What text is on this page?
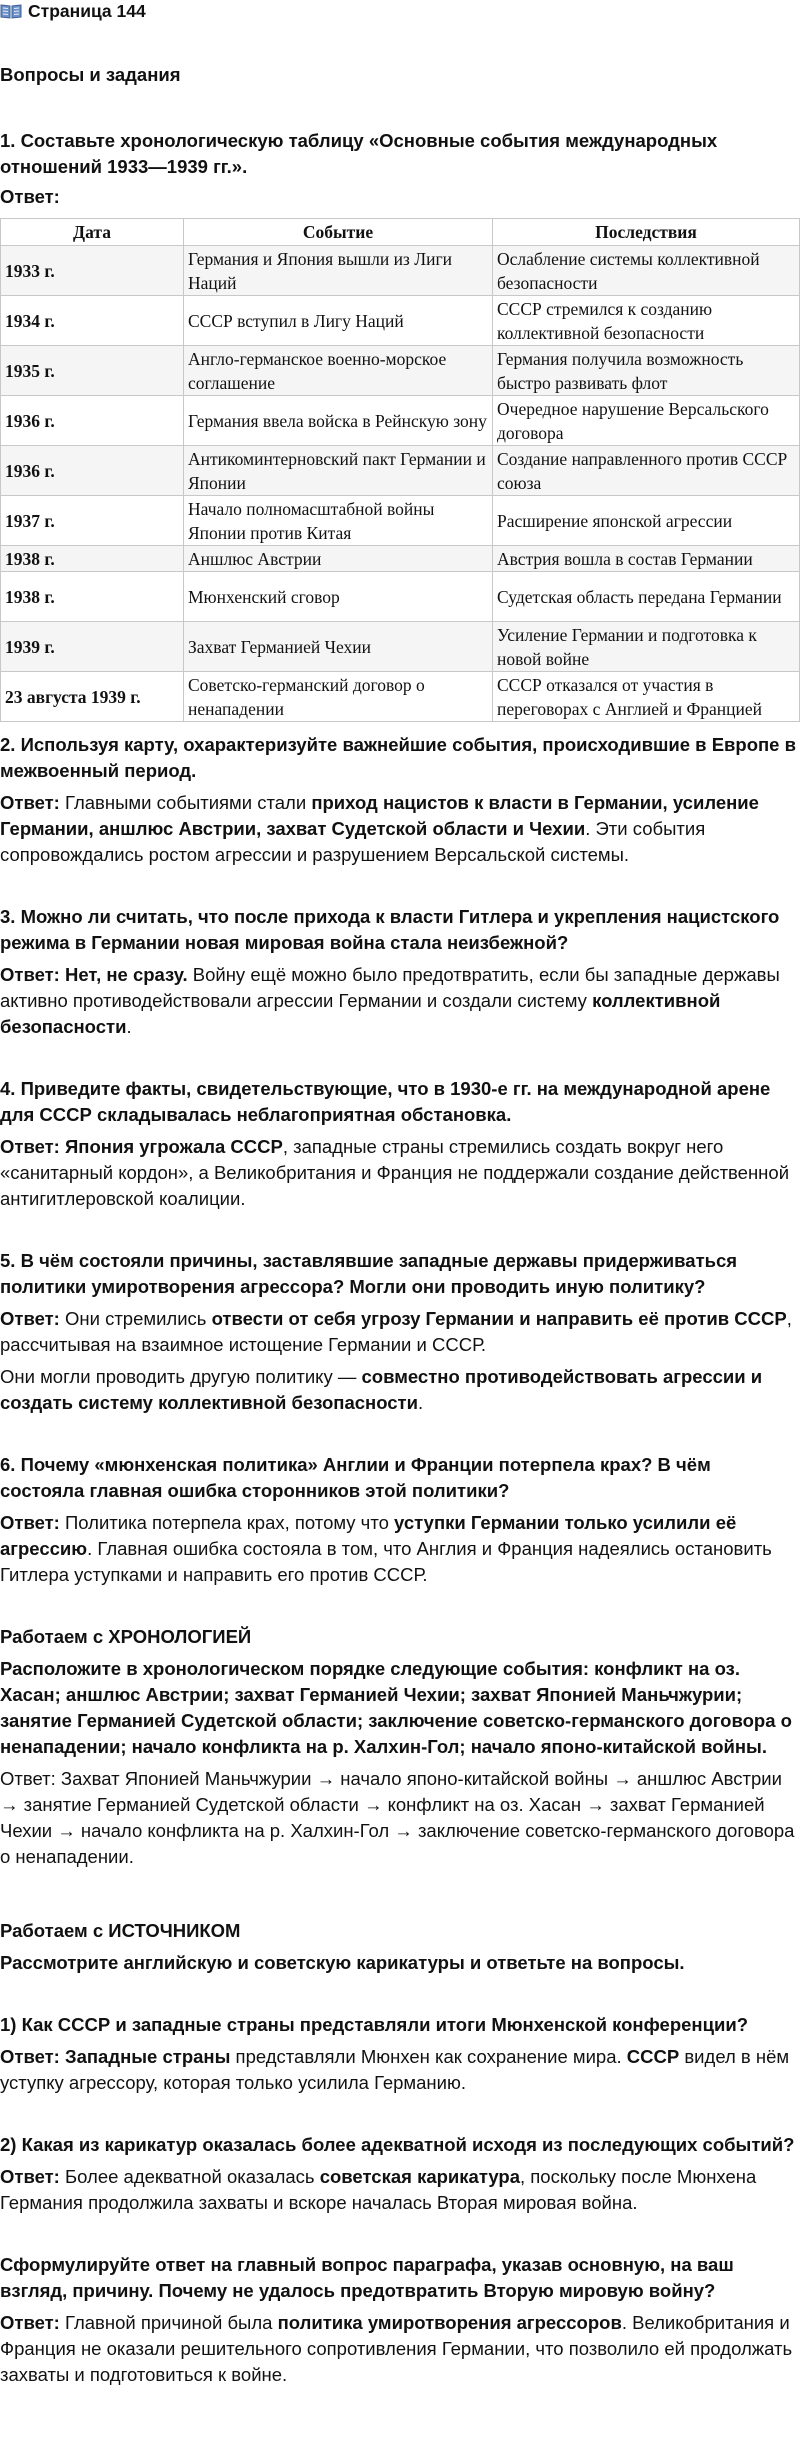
Страница 144
Вопросы и задания
1. Составьте хронологическую таблицу «Основные события международных отношений 1933—1939 гг.».

Ответ:

Дата	Событие	Последствия
1933 г.	Германия и Япония вышли из Лиги Наций	Ослабление системы коллективной безопасности
1934 г.	СССР вступил в Лигу Наций	СССР стремился к созданию коллективной безопасности
1935 г.	Англо-германское военно-морское соглашение	Германия получила возможность быстро развивать флот
1936 г.	Германия ввела войска в Рейнскую зону	Очередное нарушение Версальского договора
1936 г.	Антикоминтерновский пакт Германии и Японии	Создание направленного против СССР союза
1937 г.	Начало полномасштабной войны Японии против Китая	Расширение японской агрессии
1938 г.	Аншлюс Австрии	Австрия вошла в состав Германии
1938 г.	Мюнхенский сговор	Судетская область передана Германии
1939 г.	Захват Германией Чехии	Усиление Германии и подготовка к новой войне
23 августа 1939 г.	Советско-германский договор о ненападении	СССР отказался от участия в переговорах с Англией и Францией
2. Используя карту, охарактеризуйте важнейшие события, происходившие в Европе в межвоенный период.

Ответ: Главными событиями стали приход нацистов к власти в Германии, усиление Германии, аншлюс Австрии, захват Судетской области и Чехии. Эти события сопровождались ростом агрессии и разрушением Версальской системы.

3. Можно ли считать, что после прихода к власти Гитлера и укрепления нацистского режима в Германии новая мировая война стала неизбежной?

Ответ: Нет, не сразу. Войну ещё можно было предотвратить, если бы западные державы активно противодействовали агрессии Германии и создали систему коллективной безопасности.

4. Приведите факты, свидетельствующие, что в 1930-е гг. на международной арене для СССР складывалась неблагоприятная обстановка.

Ответ: Япония угрожала СССР, западные страны стремились создать вокруг него «санитарный кордон», а Великобритания и Франция не поддержали создание действенной антигитлеровской коалиции.

5. В чём состояли причины, заставлявшие западные державы придерживаться политики умиротворения агрессора? Могли они проводить иную политику?

Ответ: Они стремились отвести от себя угрозу Германии и направить её против СССР, рассчитывая на взаимное истощение Германии и СССР.

Они могли проводить другую политику — совместно противодействовать агрессии и создать систему коллективной безопасности.

6. Почему «мюнхенская политика» Англии и Франции потерпела крах? В чём состояла главная ошибка сторонников этой политики?

Ответ: Политика потерпела крах, потому что уступки Германии только усилили её агрессию. Главная ошибка состояла в том, что Англия и Франция надеялись остановить Гитлера уступками и направить его против СССР.

Работаем с ХРОНОЛОГИЕЙ
Расположите в хронологическом порядке следующие события: конфликт на оз. Хасан; аншлюс Австрии; захват Германией Чехии; захват Японией Маньчжурии; занятие Германией Судетской области; заключение советско-германского договора о ненападении; начало конфликта на р. Халхин-Гол; начало японо-китайской войны.

Ответ: Захват Японией Маньчжурии → начало японо-китайской войны → аншлюс Австрии → занятие Германией Судетской области → конфликт на оз. Хасан → захват Германией Чехии → начало конфликта на р. Халхин-Гол → заключение советско-германского договора о ненападении.

Работаем с ИСТОЧНИКОМ
Рассмотрите английскую и советскую карикатуры и ответьте на вопросы.
1) Как СССР и западные страны представляли итоги Мюнхенской конференции?

Ответ: Западные страны представляли Мюнхен как сохранение мира. СССР видел в нём уступку агрессору, которая только усилила Германию.

2) Какая из карикатур оказалась более адекватной исходя из последующих событий?

Ответ: Более адекватной оказалась советская карикатура, поскольку после Мюнхена Германия продолжила захваты и вскоре началась Вторая мировая война.

Сформулируйте ответ на главный вопрос параграфа, указав основную, на ваш взгляд, причину. Почему не удалось предотвратить Вторую мировую войну?

Ответ: Главной причиной была политика умиротворения агрессоров. Великобритания и Франция не оказали решительного сопротивления Германии, что позволило ей продолжать захваты и подготовиться к войне.
